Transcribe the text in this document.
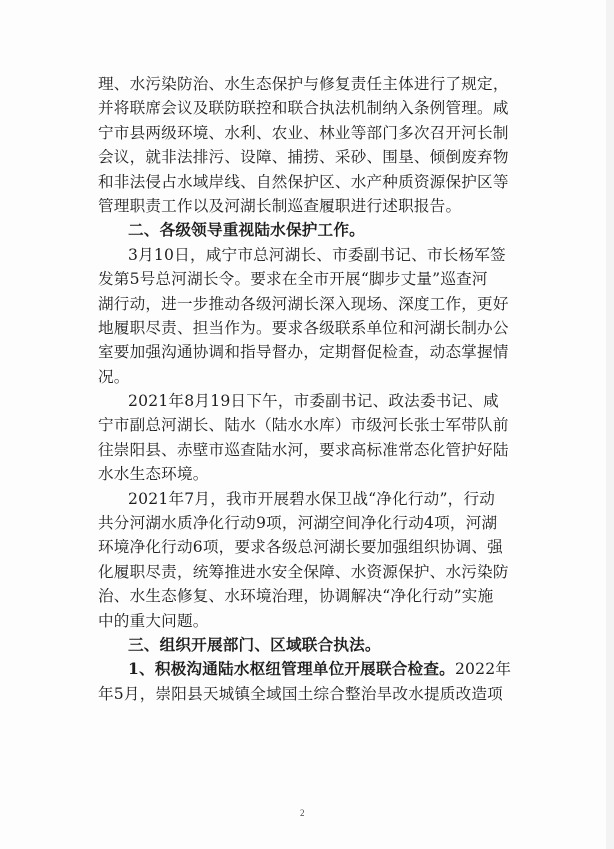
理、水污染防治、水生态保护与修复责任主体进行了规定，
并将联席会议及联防联控和联合执法机制纳入条例管理。咸
宁市县两级环境、水利、农业、林业等部门多次召开河长制
会议，就非法排污、设障、捕捞、采砂、围垦、倾倒废弃物
和非法侵占水域岸线、自然保护区、水产种质资源保护区等
管理职责工作以及河湖长制巡查履职进行述职报告。
二、各级领导重视陆水保护工作。
3月10日，咸宁市总河湖长、市委副书记、市长杨军签
发第5号总河湖长令。要求在全市开展“脚步丈量”巡查河
湖行动，进一步推动各级河湖长深入现场、深度工作，更好
地履职尽责、担当作为。要求各级联系单位和河湖长制办公
室要加强沟通协调和指导督办，定期督促检查，动态掌握情
况。
2021年8月19日下午，市委副书记、政法委书记、咸
宁市副总河湖长、陆水（陆水水库）市级河长张士军带队前
往崇阳县、赤壁市巡查陆水河，要求高标准常态化管护好陆
水水生态环境。
2021年7月，我市开展碧水保卫战“净化行动”，行动
共分河湖水质净化行动9项，河湖空间净化行动4项，河湖
环境净化行动6项，要求各级总河湖长要加强组织协调、强
化履职尽责，统筹推进水安全保障、水资源保护、水污染防
治、水生态修复、水环境治理，协调解决“净化行动”实施
中的重大问题。
三、组织开展部门、区域联合执法。
1、积极沟通陆水枢纽管理单位开展联合检查。2022年
年5月，崇阳县天城镇全域国土综合整治旱改水提质改造项
2
